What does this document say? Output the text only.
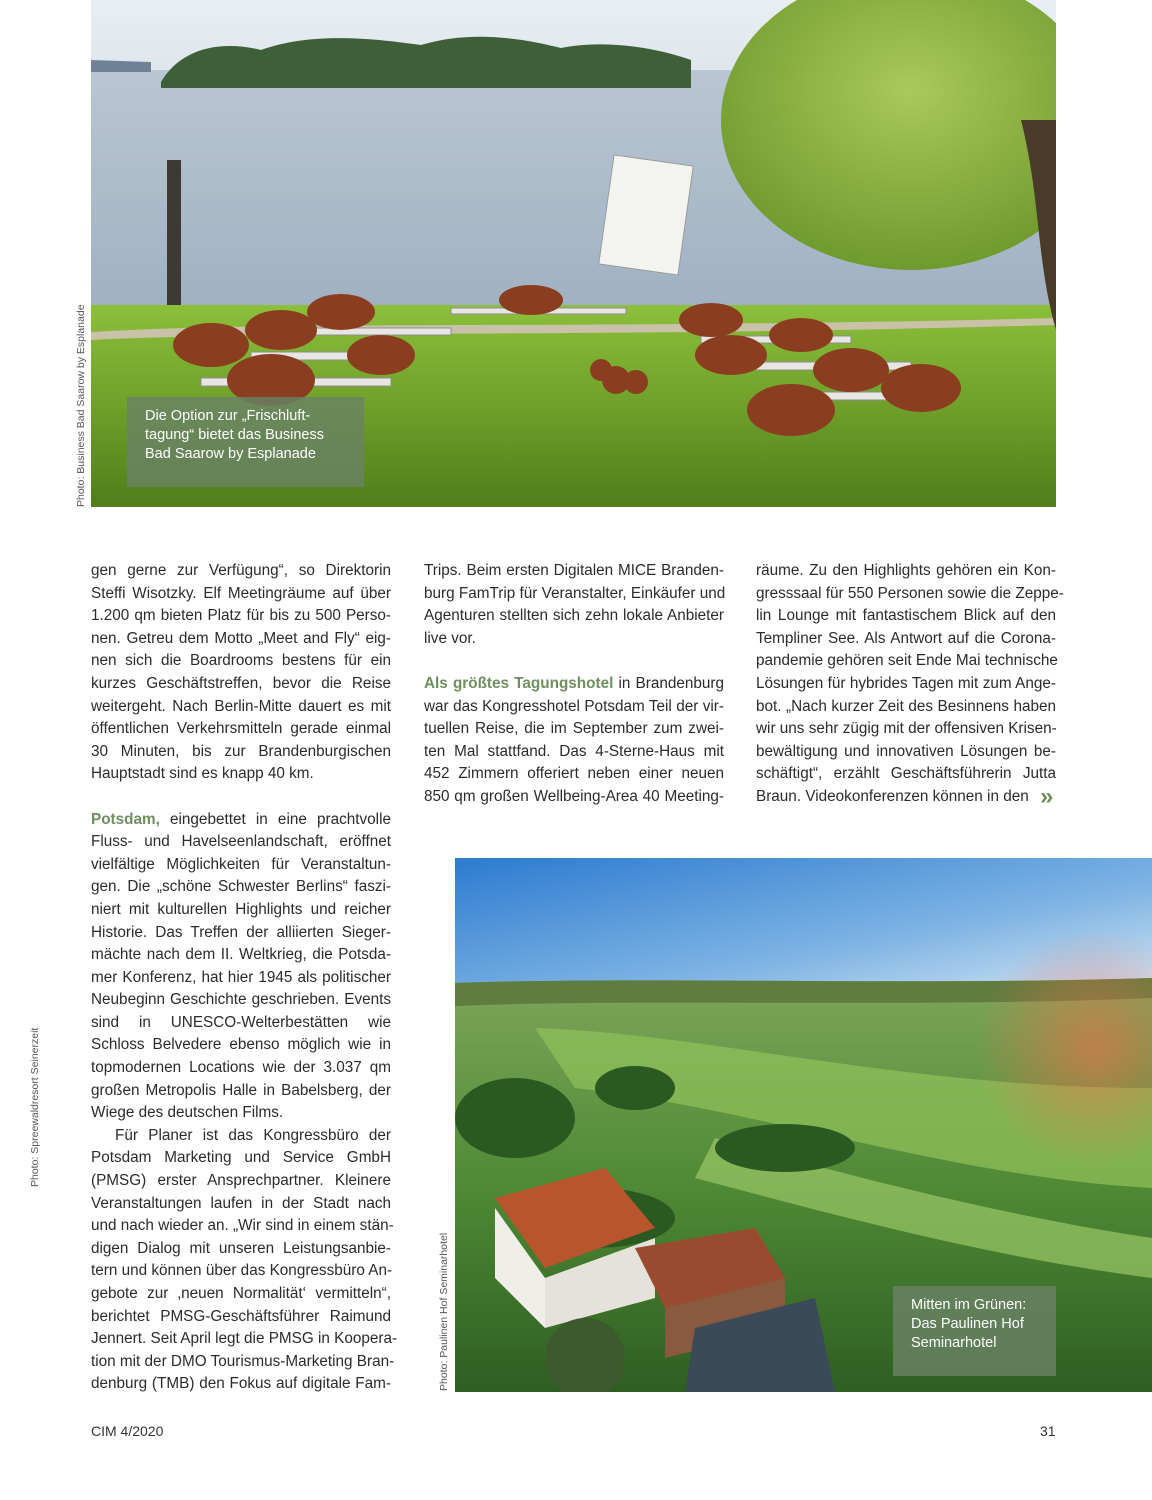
Photo: Business Bad Saarow by Esplanade	Die Option zur „Frischluft-
tagung“ bietet das Business
Bad Saarow by Esplanade
gen gerne zur Verfügung“, so Direktorin
Steffi Wisotzky. Elf Meetingräume auf über
1.200 qm bieten Platz für bis zu 500 Perso-
nen. Getreu dem Motto „Meet and Fly“ eig-
nen sich die Boardrooms bestens für ein
kurzes Geschäftstreffen, bevor die Reise
weitergeht. Nach Berlin-Mitte dauert es mit
öffentlichen Verkehrsmitteln gerade einmal
30 Minuten, bis zur Brandenburgischen
Hauptstadt sind es knapp 40 km.
Potsdam, eingebettet in eine prachtvolle
Fluss- und Havelseenlandschaft, eröffnet
vielfältige Möglichkeiten für Veranstaltun-
gen. Die „schöne Schwester Berlins“ faszi-
niert mit kulturellen Highlights und reicher
Historie. Das Treffen der alliierten Sieger-
mächte nach dem II. Weltkrieg, die Potsda-
mer Konferenz, hat hier 1945 als politischer
Neubeginn Geschichte geschrieben. Events
sind in UNESCO-Welterbestätten wie
Schloss Belvedere ebenso möglich wie in
topmodernen Locations wie der 3.037 qm
großen Metropolis Halle in Babelsberg, der
Wiege des deutschen Films.
Für Planer ist das Kongressbüro der
Potsdam Marketing und Service GmbH
(PMSG) erster Ansprechpartner. Kleinere
Veranstaltungen laufen in der Stadt nach
und nach wieder an. „Wir sind in einem stän-
digen Dialog mit unseren Leistungsanbie-
tern und können über das Kongressbüro An-
gebote zur ‚neuen Normalität‘ vermitteln“,
berichtet PMSG-Geschäftsführer Raimund
Jennert. Seit April legt die PMSG in Koopera-
tion mit der DMO Tourismus-Marketing Bran-
denburg (TMB) den Fokus auf digitale Fam-
Trips. Beim ersten Digitalen MICE Branden-
burg FamTrip für Veranstalter, Einkäufer und
Agenturen stellten sich zehn lokale Anbieter
live vor.
Als größtes Tagungshotel in Brandenburg
war das Kongresshotel Potsdam Teil der vir-
tuellen Reise, die im September zum zwei-
ten Mal stattfand. Das 4-Sterne-Haus mit
452 Zimmern offeriert neben einer neuen
850 qm großen Wellbeing-Area 40 Meeting-
räume. Zu den Highlights gehören ein Kon-
gresssaal für 550 Personen sowie die Zeppe-
lin Lounge mit fantastischem Blick auf den
Templiner See. Als Antwort auf die Corona-
pandemie gehören seit Ende Mai technische
Lösungen für hybrides Tagen mit zum Ange-
bot. „Nach kurzer Zeit des Besinnens haben
wir uns sehr zügig mit der offensiven Krisen-
bewältigung und innovativen Lösungen be-
schäftigt“, erzählt Geschäftsführerin Jutta
Braun. Videokonferenzen können in den »
Photo: Spreewaldresort Seinerzeit
Photo: Paulinen Hof Seminarhotel	Mitten im Grünen:
Das Paulinen Hof
Seminarhotel
CIM 4/2020	31
